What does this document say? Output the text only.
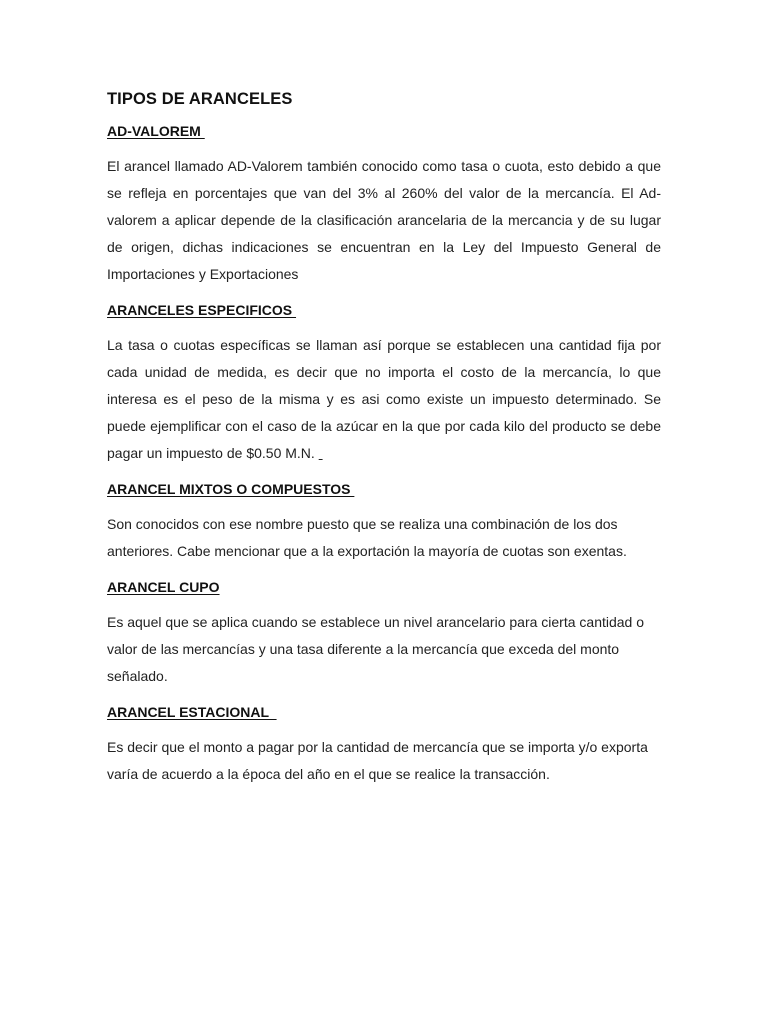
TIPOS DE ARANCELES
AD-VALOREM

El arancel llamado AD-Valorem también conocido como tasa o cuota, esto debido a que se refleja en porcentajes que van del 3% al 260% del valor de la mercancía. El Ad-valorem a aplicar depende de la clasificación arancelaria de la mercancia y de su lugar de origen, dichas indicaciones se encuentran en la Ley del Impuesto General de Importaciones y Exportaciones

ARANCELES ESPECIFICOS

La tasa o cuotas específicas se llaman así porque se establecen una cantidad fija por cada unidad de medida, es decir que no importa el costo de la mercancía, lo que interesa es el peso de la misma y es asi como existe un impuesto determinado. Se puede ejemplificar con el caso de la azúcar en la que por cada kilo del producto se debe pagar un impuesto de $0.50 M.N.

ARANCEL MIXTOS O COMPUESTOS

Son conocidos con ese nombre puesto que se realiza una combinación de los dos anteriores. Cabe mencionar que a la exportación la mayoría de cuotas son exentas.

ARANCEL CUPO

Es aquel que se aplica cuando se establece un nivel arancelario para cierta cantidad o valor de las mercancías y una tasa diferente a la mercancía que exceda del monto señalado.

ARANCEL ESTACIONAL

Es decir que el monto a pagar por la cantidad de mercancía que se importa y/o exporta varía de acuerdo a la época del año en el que se realice la transacción.
